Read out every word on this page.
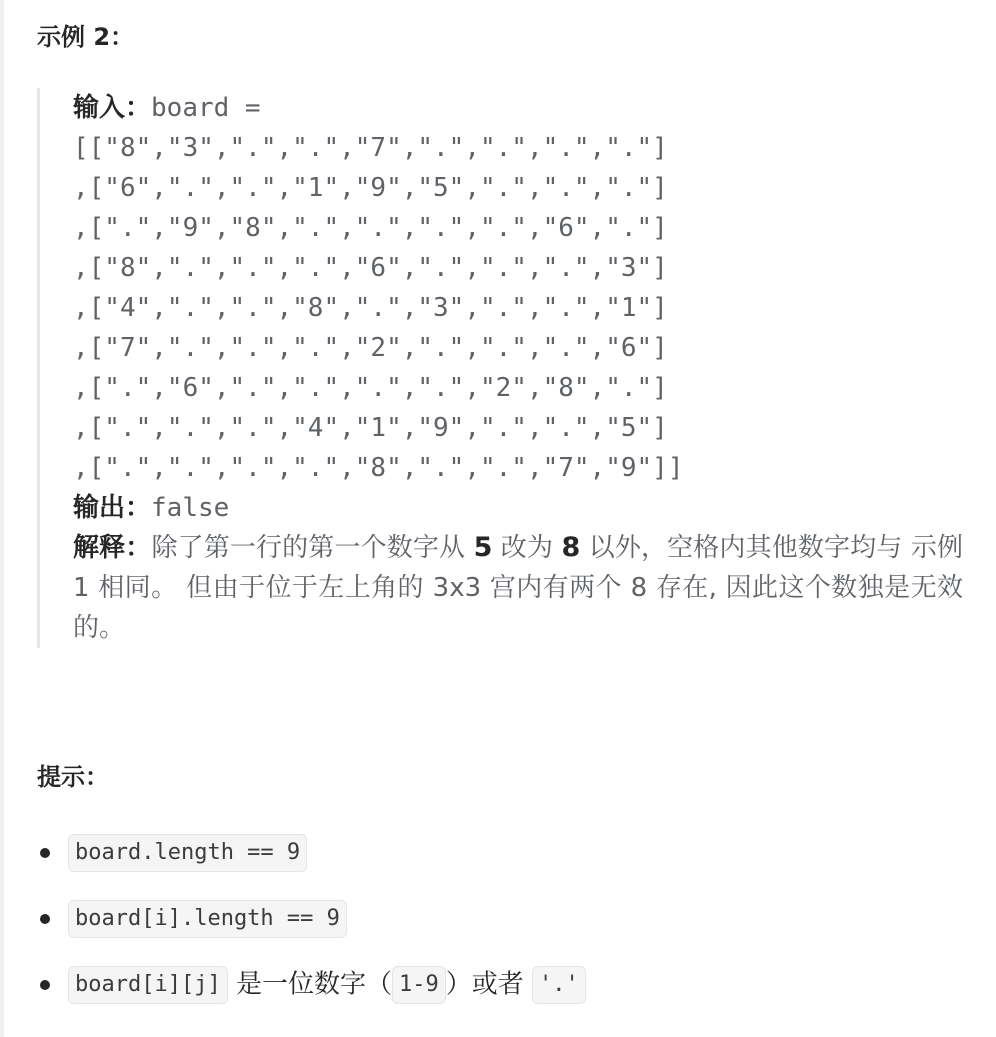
示例 2：
输入：board =
[["8","3",".",".","7",".",".",".","."]
,["6",".",".","1","9","5",".",".","."]
,[".","9","8",".",".",".",".","6","."]
,["8",".",".",".","6",".",".",".","3"]
,["4",".",".","8",".","3",".",".","1"]
,["7",".",".",".","2",".",".",".","6"]
,[".","6",".",".",".",".","2","8","."]
,[".",".",".","4","1","9",".",".","5"]
,[".",".",".",".","8",".",".","7","9"]]
输出：false
解释：除了第一行的第一个数字从 5 改为 8 以外，空格内其他数字均与 示例1 相同。 但由于位于左上角的 3x3 宫内有两个 8 存在, 因此这个数独是无效的。
提示：
board.length == 9
board[i].length == 9
board[i][j] 是一位数字（ 1-9 ）或者 '.'
